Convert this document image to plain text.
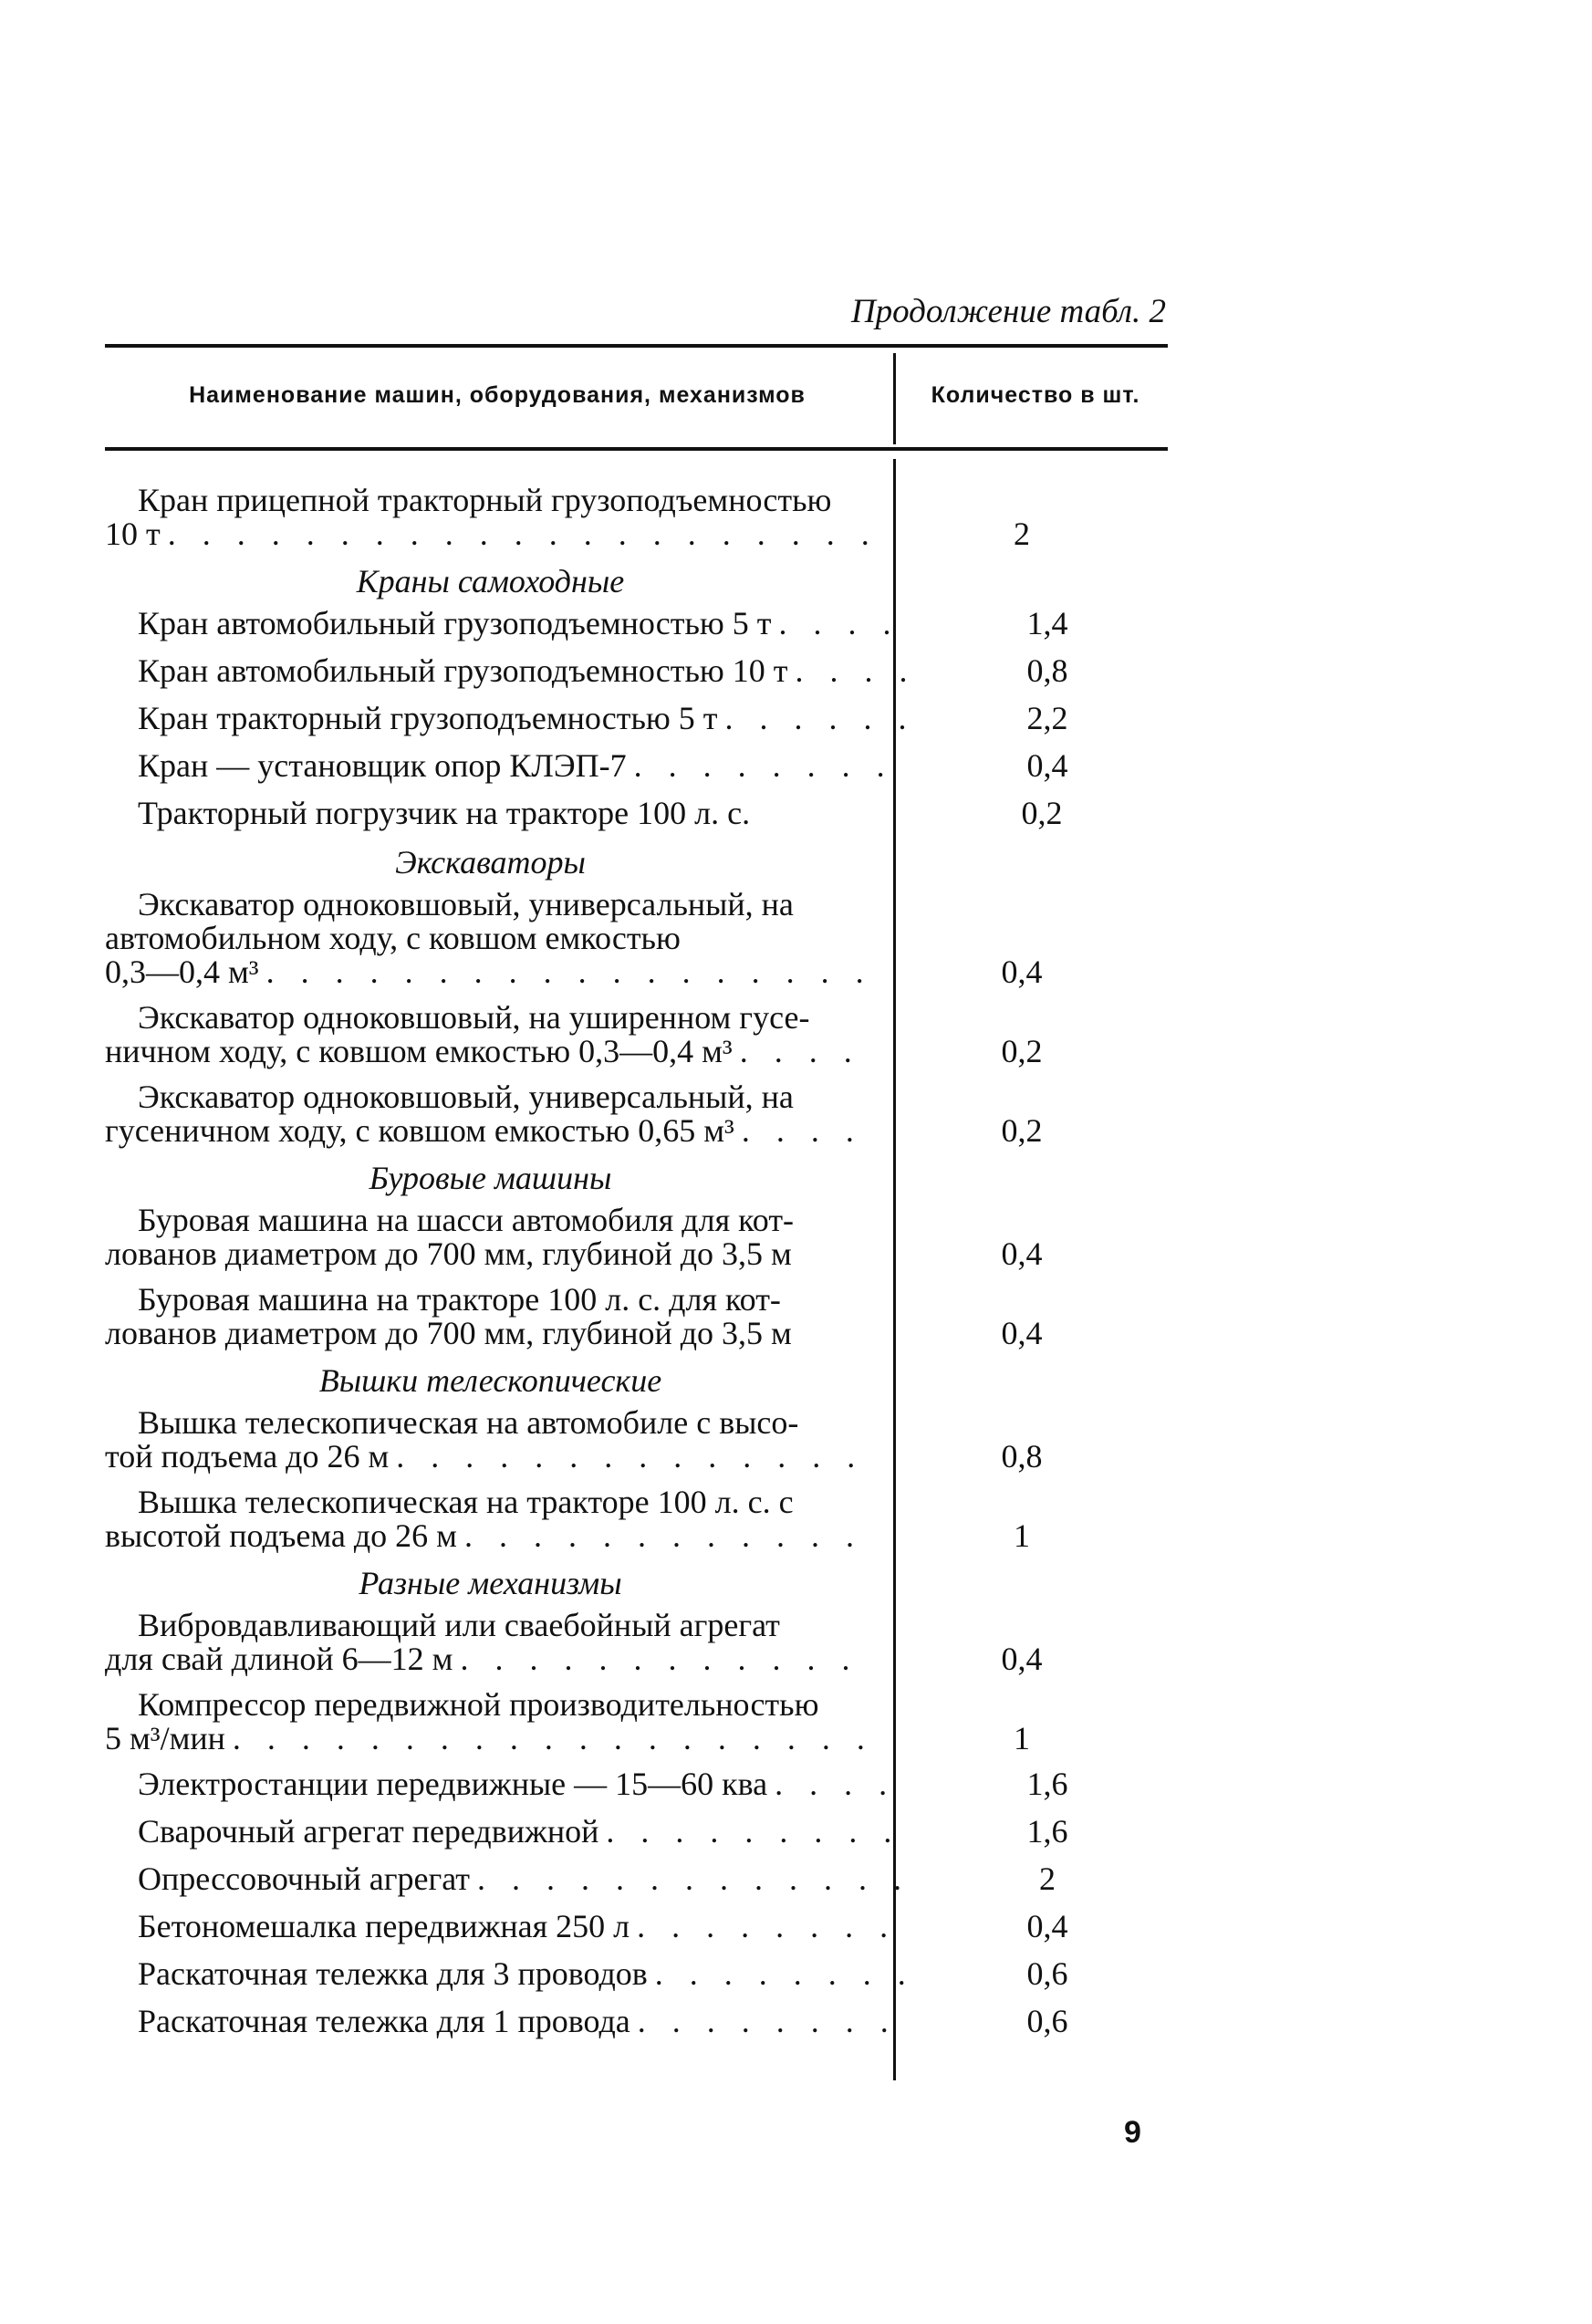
Продолжение табл. 2
Наименование машин, оборудования, механизмов	Количество в шт.
Кран прицепной тракторный грузоподъемностью
10 т . . .	2
Краны самоходные
Кран автомобильный грузоподъемностью 5 т . . .	1,4
Кран автомобильный грузоподъемностью 10 т . . .	0,8
Кран тракторный грузоподъемностью 5 т . . .	2,2
Кран — установщик опор КЛЭП-7 . . .	0,4
Тракторный погрузчик на тракторе 100 л. с.	0,2
Экскаваторы
Экскаватор одноковшовый, универсальный, на
автомобильном ходу, с ковшом емкостью
0,3—0,4 м³ . . .	0,4
Экскаватор одноковшовый, на уширенном гусе-
ничном ходу, с ковшом емкостью 0,3—0,4 м³ . . .	0,2
Экскаватор одноковшовый, универсальный, на
гусеничном ходу, с ковшом емкостью 0,65 м³ . . .	0,2
Буровые машины
Буровая машина на шасси автомобиля для кот-
лованов диаметром до 700 мм, глубиной до 3,5 м	0,4
Буровая машина на тракторе 100 л. с. для кот-
лованов диаметром до 700 мм, глубиной до 3,5 м	0,4
Вышки телескопические
Вышка телескопическая на автомобиле с высо-
той подъема до 26 м . . .	0,8
Вышка телескопическая на тракторе 100 л. с. с
высотой подъема до 26 м . . .	1
Разные механизмы
Вибровдавливающий или сваебойный агрегат
для свай длиной 6—12 м . . .	0,4
Компрессор передвижной производительностью
5 м³/мин . . .	1
Электростанции передвижные — 15—60 ква . . .	1,6
Сварочный агрегат передвижной . . .	1,6
Опрессовочный агрегат . . .	2
Бетономешалка передвижная 250 л . . .	0,4
Раскаточная тележка для 3 проводов . . .	0,6
Раскаточная тележка для 1 провода . . .	0,6
9
